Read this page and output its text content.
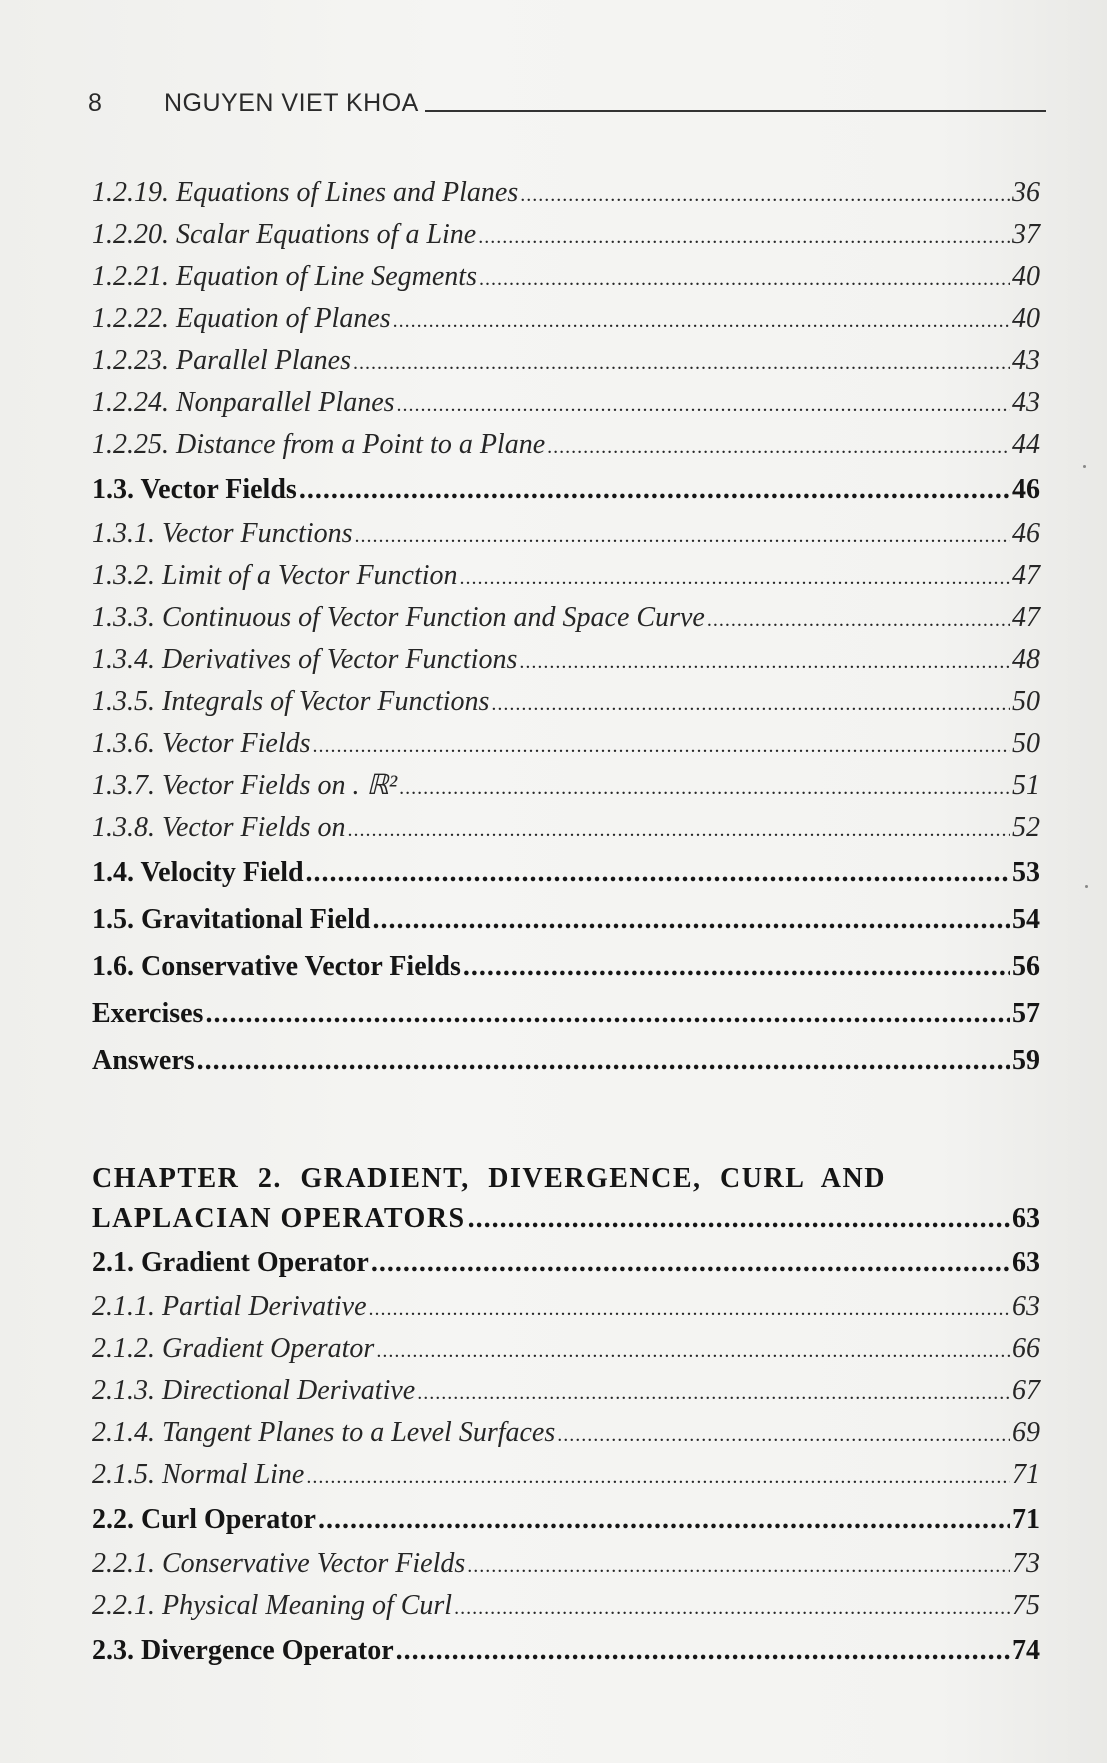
8	NGUYEN VIET KHOA
1.2.19. Equations of Lines and Planes .....	36
1.2.20. Scalar Equations of a Line .....	37
1.2.21. Equation of Line Segments .....	40
1.2.22. Equation of Planes .....	40
1.2.23. Parallel Planes .....	43
1.2.24. Nonparallel Planes .....	43
1.2.25. Distance from a Point to a Plane .....	44
1.3. Vector Fields .....	46
1.3.1. Vector Functions .....	46
1.3.2. Limit of a Vector Function .....	47
1.3.3. Continuous of Vector Function and Space Curve .....	47
1.3.4. Derivatives of Vector Functions .....	48
1.3.5. Integrals of Vector Functions .....	50
1.3.6. Vector Fields .....	50
1.3.7. Vector Fields on . ℝ² .....	51
1.3.8. Vector Fields on .....	52
1.4. Velocity Field .....	53
1.5. Gravitational Field .....	54
1.6. Conservative Vector Fields .....	56
Exercises .....	57
Answers .....	59
CHAPTER 2. GRADIENT, DIVERGENCE, CURL AND
LAPLACIAN OPERATORS .....	63
2.1. Gradient Operator .....	63
2.1.1. Partial Derivative .....	63
2.1.2. Gradient Operator .....	66
2.1.3. Directional Derivative .....	67
2.1.4. Tangent Planes to a Level Surfaces .....	69
2.1.5. Normal Line .....	71
2.2. Curl Operator .....	71
2.2.1. Conservative Vector Fields .....	73
2.2.1. Physical Meaning of Curl .....	75
2.3. Divergence Operator .....	74
